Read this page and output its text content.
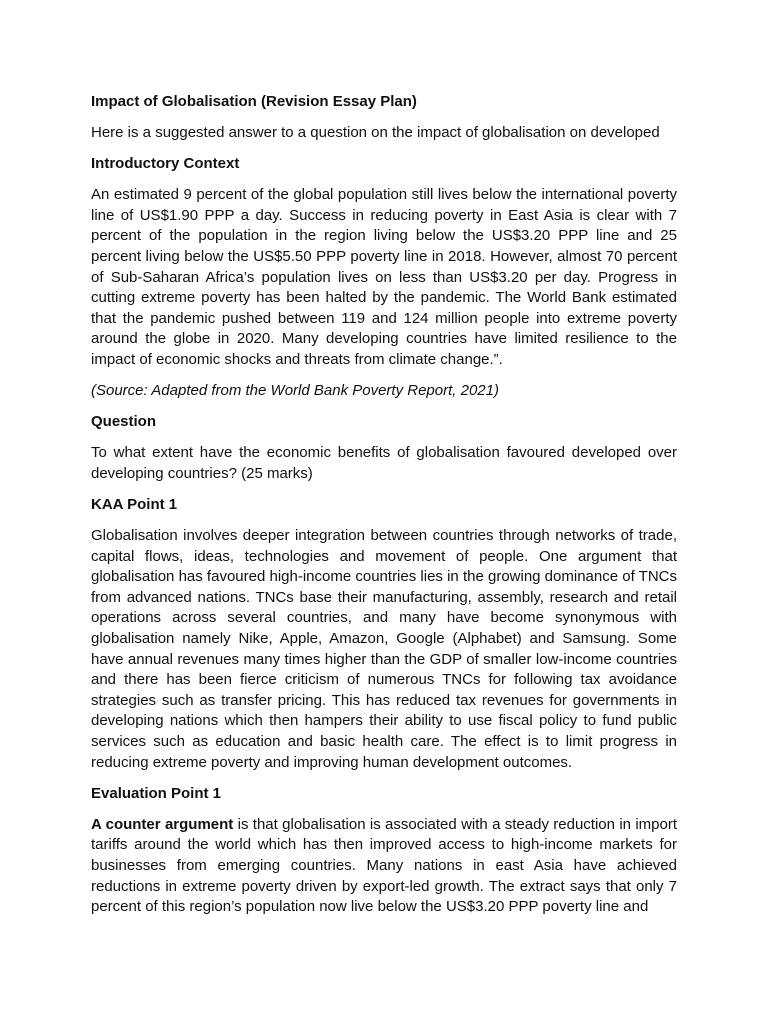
Impact of Globalisation (Revision Essay Plan)

Here is a suggested answer to a question on the impact of globalisation on developed

Introductory Context

An estimated 9 percent of the global population still lives below the international poverty line of US$1.90 PPP a day. Success in reducing poverty in East Asia is clear with 7 percent of the population in the region living below the US$3.20 PPP line and 25 percent living below the US$5.50 PPP poverty line in 2018. However, almost 70 percent of Sub-Saharan Africa’s population lives on less than US$3.20 per day. Progress in cutting extreme poverty has been halted by the pandemic. The World Bank estimated that the pandemic pushed between 119 and 124 million people into extreme poverty around the globe in 2020. Many developing countries have limited resilience to the impact of economic shocks and threats from climate change.”.

(Source: Adapted from the World Bank Poverty Report, 2021)

Question

To what extent have the economic benefits of globalisation favoured developed over developing countries? (25 marks)

KAA Point 1

Globalisation involves deeper integration between countries through networks of trade, capital flows, ideas, technologies and movement of people. One argument that globalisation has favoured high-income countries lies in the growing dominance of TNCs from advanced nations. TNCs base their manufacturing, assembly, research and retail operations across several countries, and many have become synonymous with globalisation namely Nike, Apple, Amazon, Google (Alphabet) and Samsung. Some have annual revenues many times higher than the GDP of smaller low-income countries and there has been fierce criticism of numerous TNCs for following tax avoidance strategies such as transfer pricing. This has reduced tax revenues for governments in developing nations which then hampers their ability to use fiscal policy to fund public services such as education and basic health care. The effect is to limit progress in reducing extreme poverty and improving human development outcomes.

Evaluation Point 1

A counter argument is that globalisation is associated with a steady reduction in import tariffs around the world which has then improved access to high-income markets for businesses from emerging countries. Many nations in east Asia have achieved reductions in extreme poverty driven by export-led growth. The extract says that only 7 percent of this region’s population now live below the US$3.20 PPP poverty line and
